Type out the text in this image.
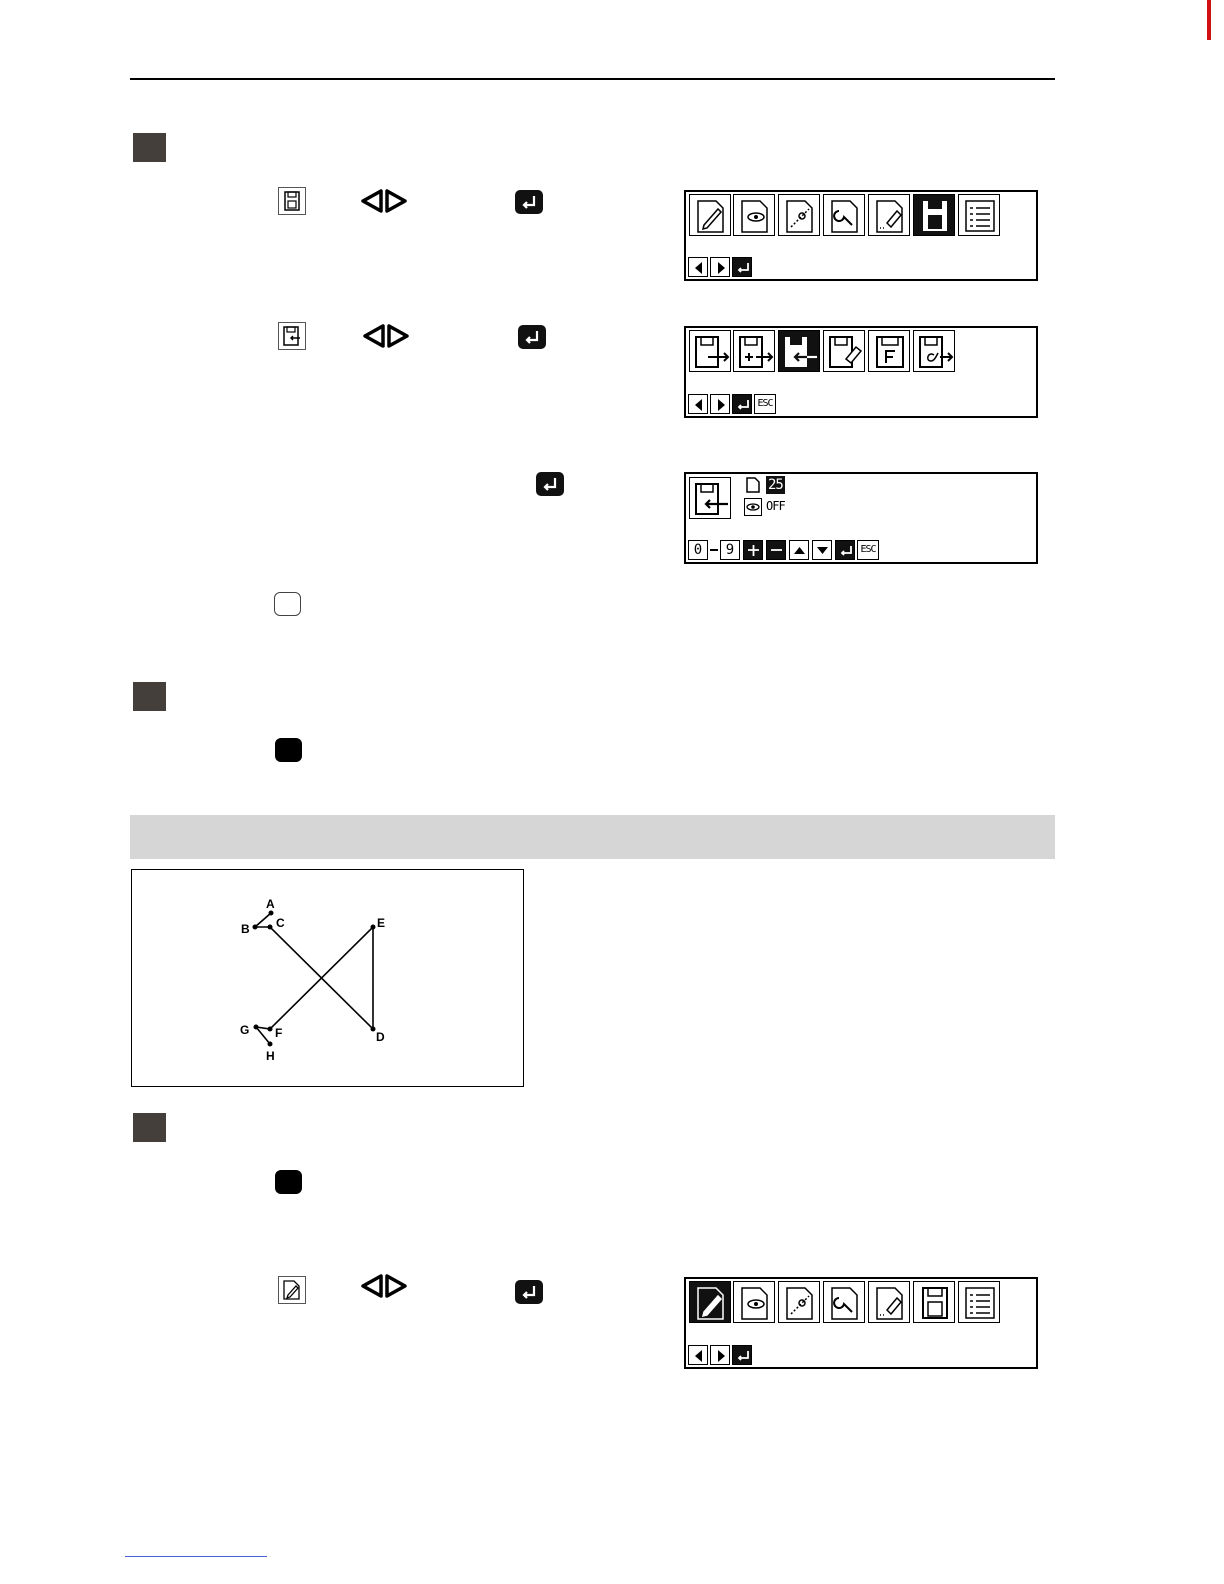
ESC
25
OFF
0	9	ESC
A
B C
D
E
F
G
H
